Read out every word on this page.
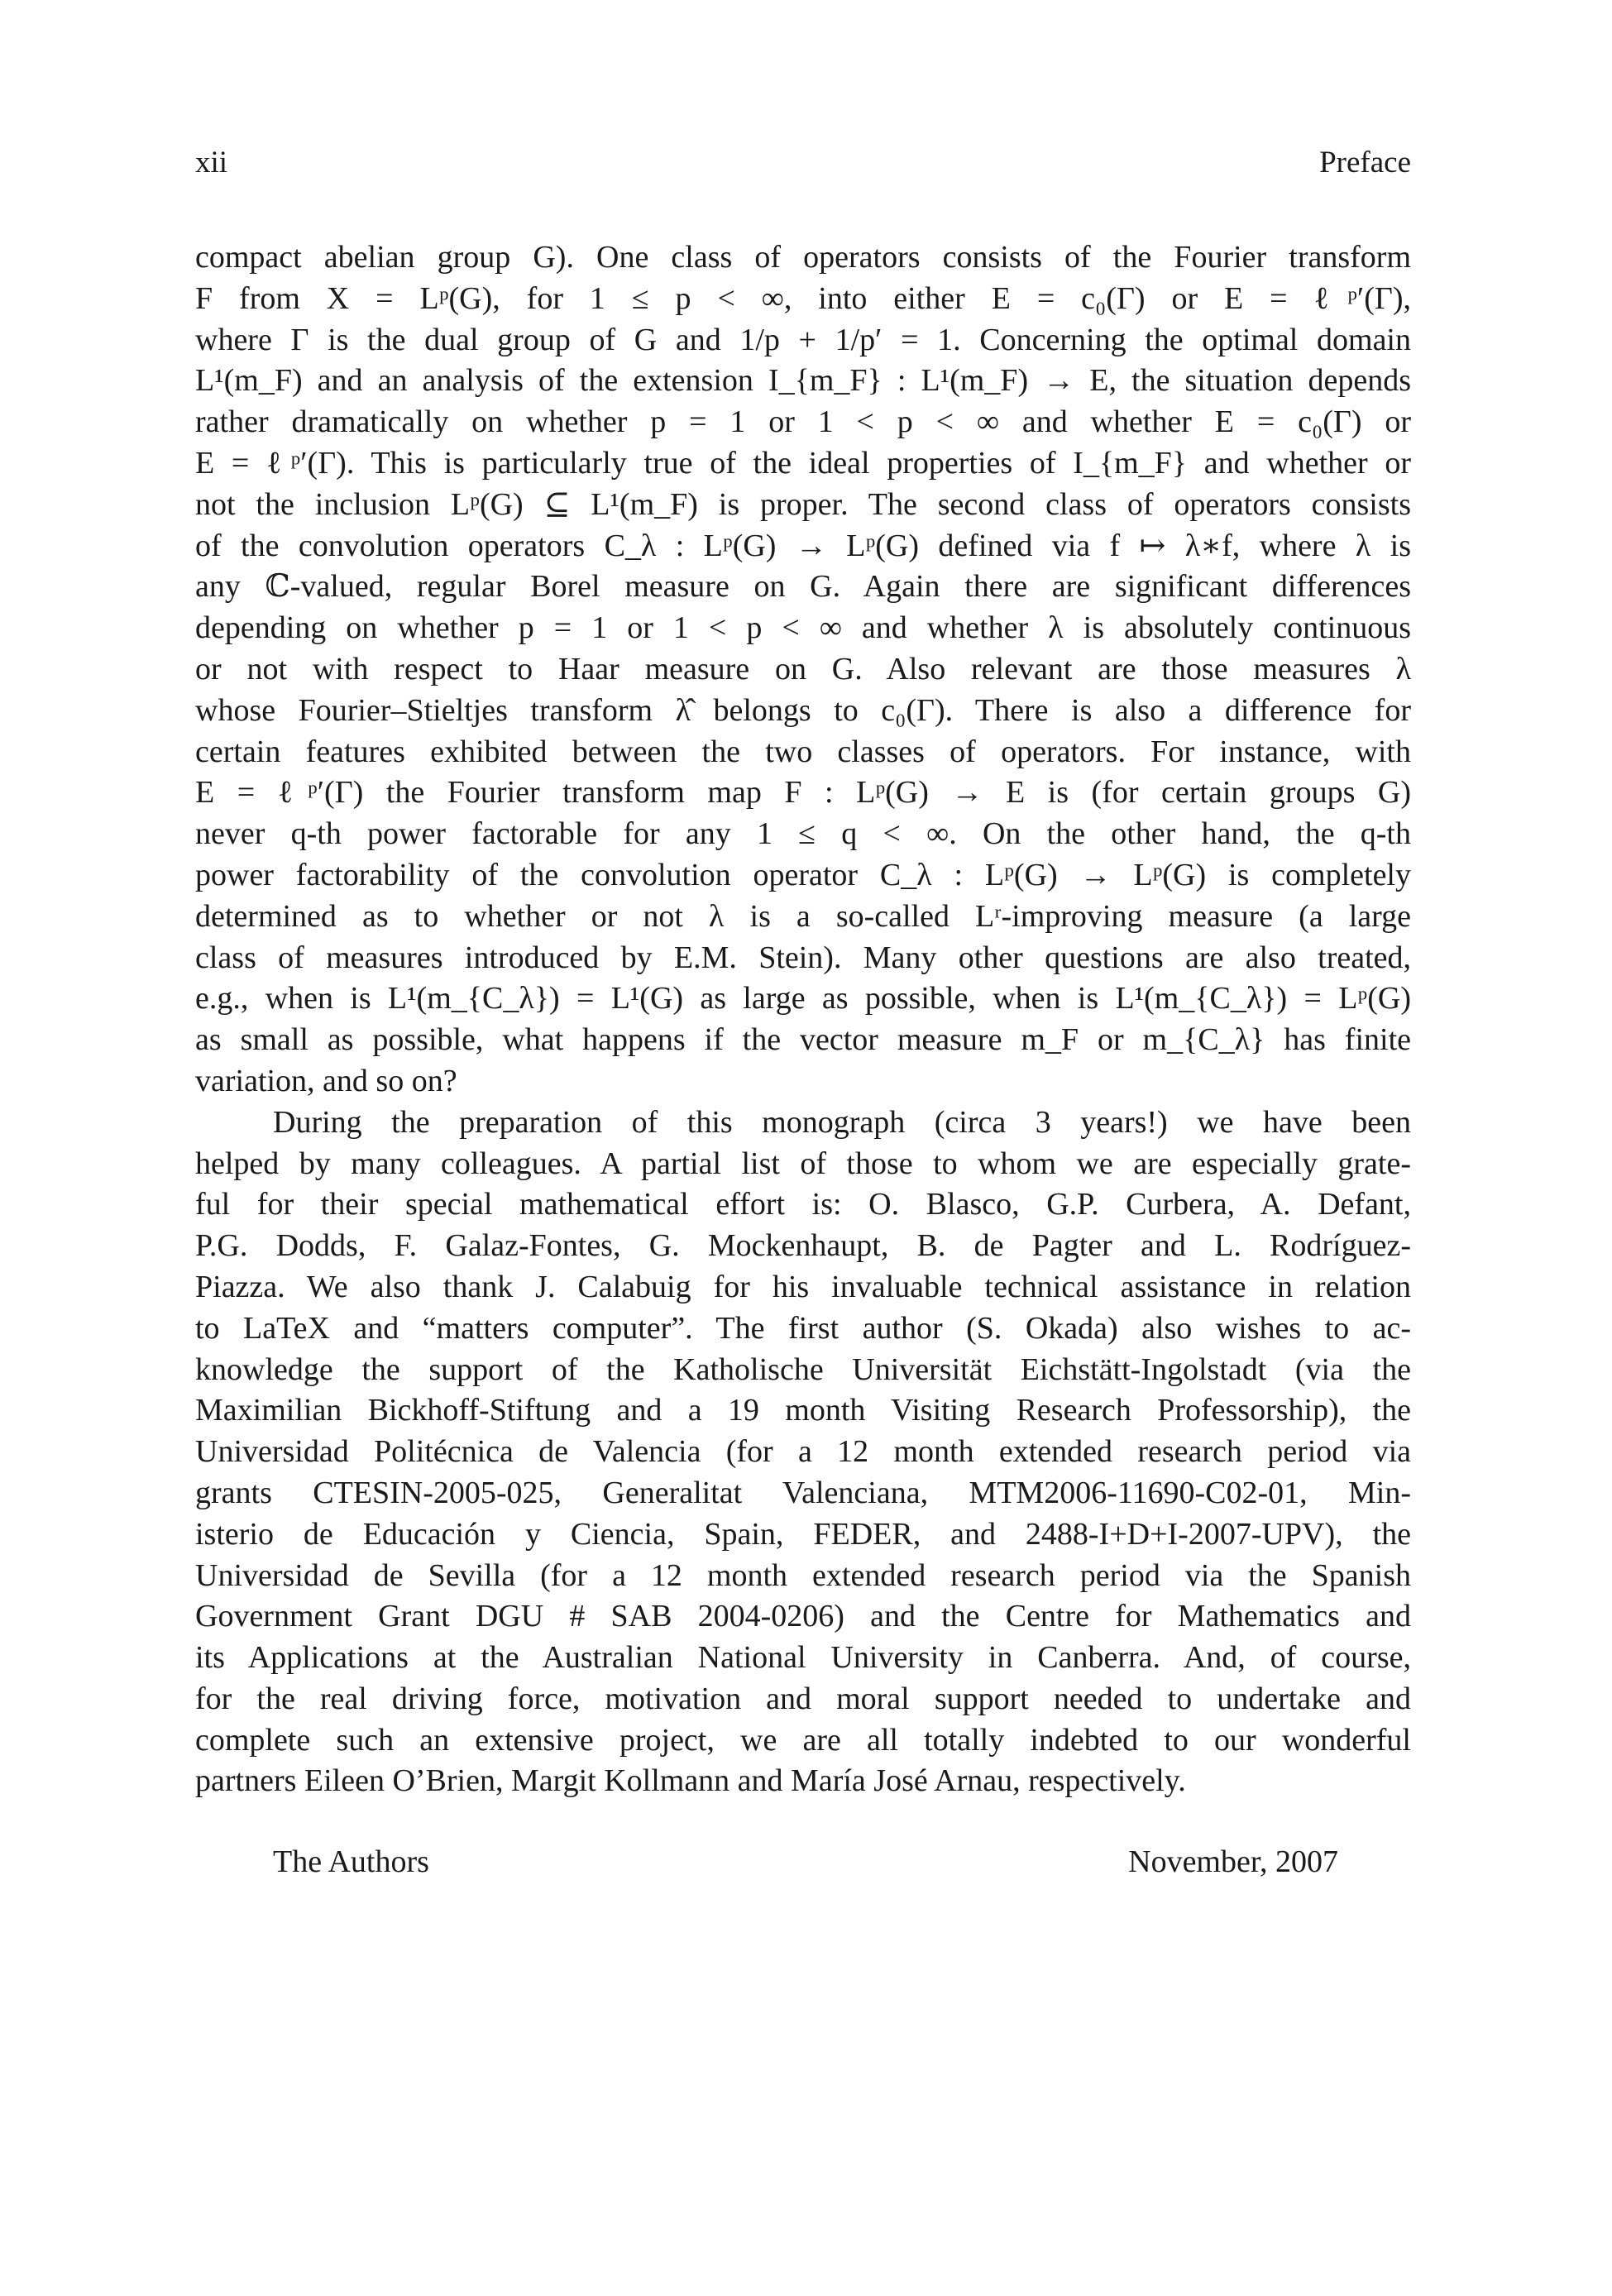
xii	Preface
compact abelian group G). One class of operators consists of the Fourier transform
F from X = Lᵖ(G), for 1 ≤ p < ∞, into either E = c₀(Γ) or E = ℓᵖ′(Γ),
where Γ is the dual group of G and 1/p + 1/p′ = 1. Concerning the optimal domain
L¹(m_F) and an analysis of the extension I_{m_F} : L¹(m_F) → E, the situation depends
rather dramatically on whether p = 1 or 1 < p < ∞ and whether E = c₀(Γ) or
E = ℓᵖ′(Γ). This is particularly true of the ideal properties of I_{m_F} and whether or
not the inclusion Lᵖ(G) ⊆ L¹(m_F) is proper. The second class of operators consists
of the convolution operators C_λ : Lᵖ(G) → Lᵖ(G) defined via f ↦ λ∗f, where λ is
any ℂ-valued, regular Borel measure on G. Again there are significant differences
depending on whether p = 1 or 1 < p < ∞ and whether λ is absolutely continuous
or not with respect to Haar measure on G. Also relevant are those measures λ
whose Fourier–Stieltjes transform λ̂ belongs to c₀(Γ). There is also a difference for
certain features exhibited between the two classes of operators. For instance, with
E = ℓᵖ′(Γ) the Fourier transform map F : Lᵖ(G) → E is (for certain groups G)
never q-th power factorable for any 1 ≤ q < ∞. On the other hand, the q-th
power factorability of the convolution operator C_λ : Lᵖ(G) → Lᵖ(G) is completely
determined as to whether or not λ is a so-called Lʳ-improving measure (a large
class of measures introduced by E.M. Stein). Many other questions are also treated,
e.g., when is L¹(m_{C_λ}) = L¹(G) as large as possible, when is L¹(m_{C_λ}) = Lᵖ(G)
as small as possible, what happens if the vector measure m_F or m_{C_λ} has finite
variation, and so on?
During the preparation of this monograph (circa 3 years!) we have been
helped by many colleagues. A partial list of those to whom we are especially grate-
ful for their special mathematical effort is: O. Blasco, G.P. Curbera, A. Defant,
P.G. Dodds, F. Galaz-Fontes, G. Mockenhaupt, B. de Pagter and L. Rodríguez-
Piazza. We also thank J. Calabuig for his invaluable technical assistance in relation
to LaTeX and “matters computer”. The first author (S. Okada) also wishes to ac-
knowledge the support of the Katholische Universität Eichstätt-Ingolstadt (via the
Maximilian Bickhoff-Stiftung and a 19 month Visiting Research Professorship), the
Universidad Politécnica de Valencia (for a 12 month extended research period via
grants CTESIN-2005-025, Generalitat Valenciana, MTM2006-11690-C02-01, Min-
isterio de Educación y Ciencia, Spain, FEDER, and 2488-I+D+I-2007-UPV), the
Universidad de Sevilla (for a 12 month extended research period via the Spanish
Government Grant DGU # SAB 2004-0206) and the Centre for Mathematics and
its Applications at the Australian National University in Canberra. And, of course,
for the real driving force, motivation and moral support needed to undertake and
complete such an extensive project, we are all totally indebted to our wonderful
partners Eileen O’Brien, Margit Kollmann and María José Arnau, respectively.
The Authors	November, 2007
